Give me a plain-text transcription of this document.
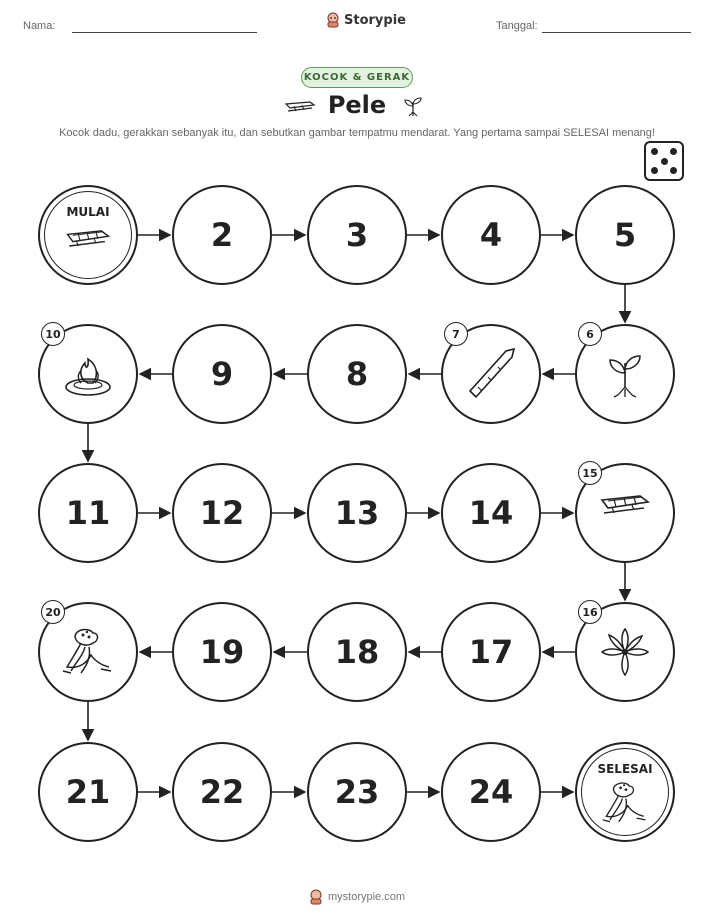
Nama:	Storypie	Tanggal:
KOCOK & GERAK
Pele
Kocok dadu, gerakkan sebanyak itu, dan sebutkan gambar tempatmu mendarat. Yang pertama sampai SELESAI menang!
MULAI
2	3	4	5
6
7
8
9
10
11	12	13	14
15
16
17
18
19
20
21	22	23	24
SELESAI
mystorypie.com
